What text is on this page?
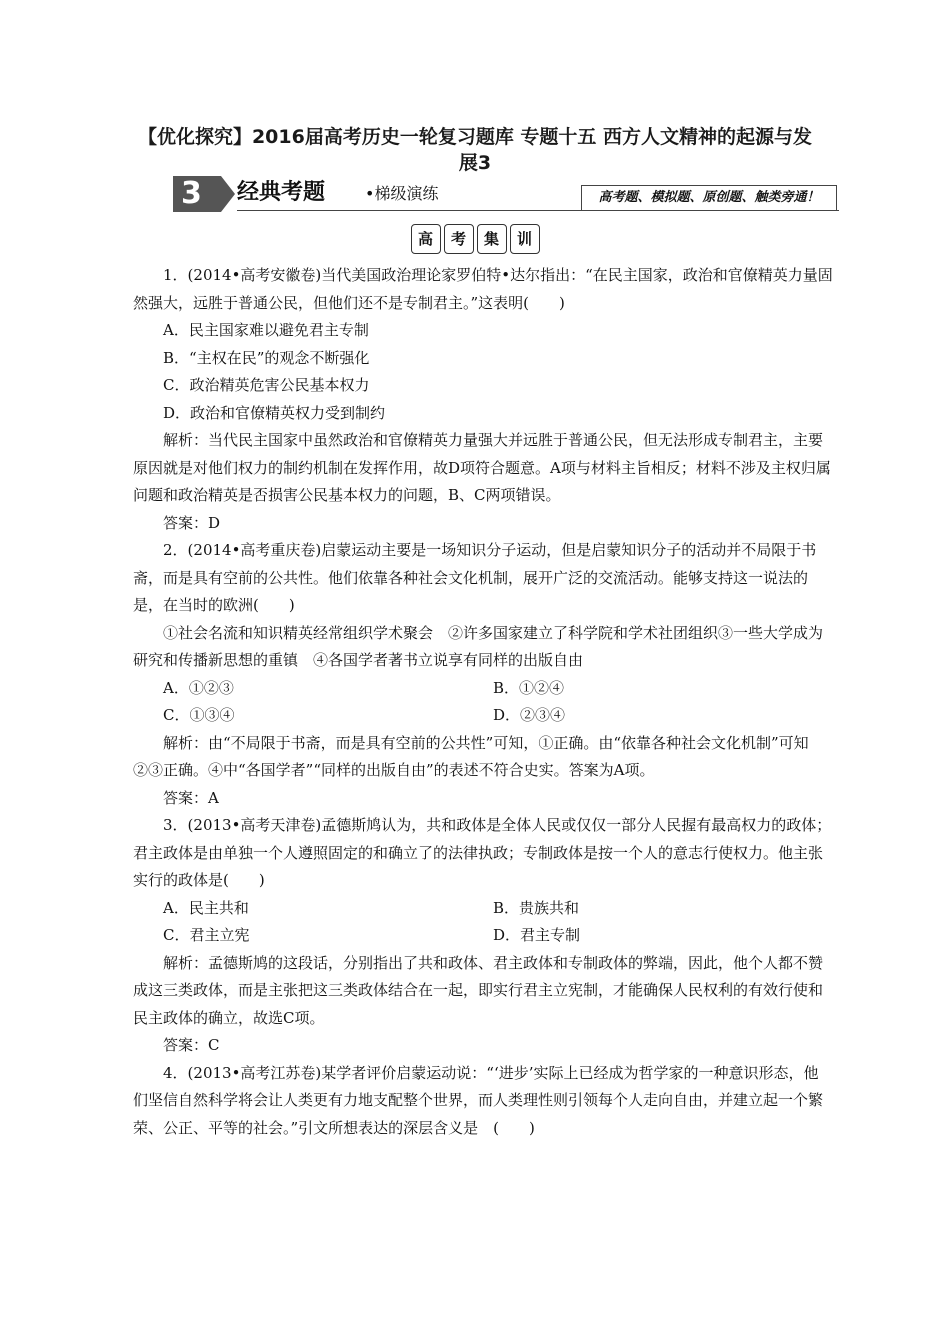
【优化探究】2016届高考历史一轮复习题库 专题十五 西方人文精神的起源与发展3
3	经典考题 •梯级演练	高考题、模拟题、原创题、触类旁通！
高	考	集	训

1．(2014•高考安徽卷)当代美国政治理论家罗伯特•达尔指出：“在民主国家，政治和官僚精英力量固然强大，远胜于普通公民，但他们还不是专制君主。”这表明(　　)

A．民主国家难以避免君主专制

B．“主权在民”的观念不断强化

C．政治精英危害公民基本权力

D．政治和官僚精英权力受到制约

解析：当代民主国家中虽然政治和官僚精英力量强大并远胜于普通公民，但无法形成专制君主，主要原因就是对他们权力的制约机制在发挥作用，故D项符合题意。A项与材料主旨相反；材料不涉及主权归属问题和政治精英是否损害公民基本权力的问题，B、C两项错误。

答案：D

2．(2014•高考重庆卷)启蒙运动主要是一场知识分子运动，但是启蒙知识分子的活动并不局限于书斋，而是具有空前的公共性。他们依靠各种社会文化机制，展开广泛的交流活动。能够支持这一说法的是，在当时的欧洲(　　)

①社会名流和知识精英经常组织学术聚会　②许多国家建立了科学院和学术社团组织③一些大学成为研究和传播新思想的重镇　④各国学者著书立说享有同样的出版自由

A．①②③	B．①②④
C．①③④	D．②③④

解析：由“不局限于书斋，而是具有空前的公共性”可知，①正确。由“依靠各种社会文化机制”可知②③正确。④中“各国学者”“同样的出版自由”的表述不符合史实。答案为A项。

答案：A

3．(2013•高考天津卷)孟德斯鸠认为，共和政体是全体人民或仅仅一部分人民握有最高权力的政体；君主政体是由单独一个人遵照固定的和确立了的法律执政；专制政体是按一个人的意志行使权力。他主张实行的政体是(　　)

A．民主共和	B．贵族共和
C．君主立宪	D．君主专制

解析：孟德斯鸠的这段话，分别指出了共和政体、君主政体和专制政体的弊端，因此，他个人都不赞成这三类政体，而是主张把这三类政体结合在一起，即实行君主立宪制，才能确保人民权利的有效行使和民主政体的确立，故选C项。

答案：C

4．(2013•高考江苏卷)某学者评价启蒙运动说：“‘进步’实际上已经成为哲学家的一种意识形态，他们坚信自然科学将会让人类更有力地支配整个世界，而人类理性则引领每个人走向自由，并建立起一个繁荣、公正、平等的社会。”引文所想表达的深层含义是　(　　)
